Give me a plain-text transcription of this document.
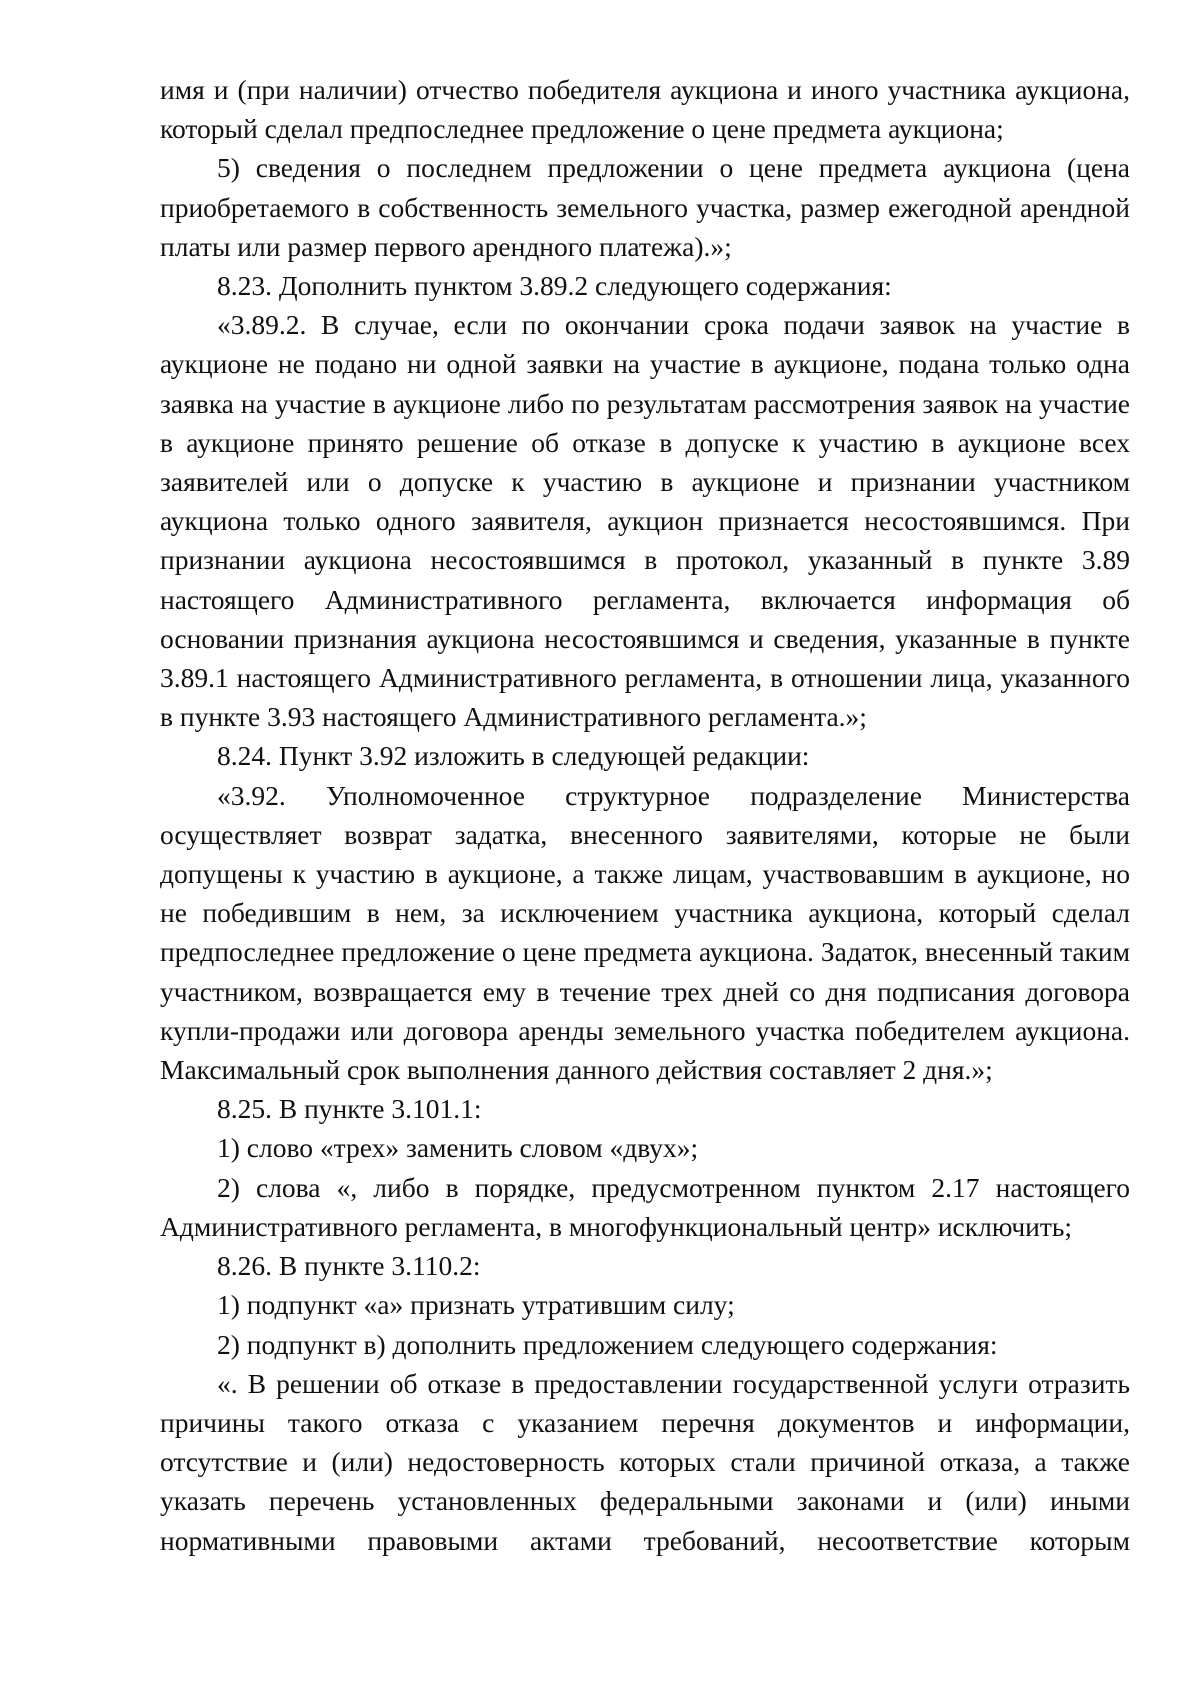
имя и (при наличии) отчество победителя аукциона и иного участника аукциона, который сделал предпоследнее предложение о цене предмета аукциона;

5) сведения о последнем предложении о цене предмета аукциона (цена приобретаемого в собственность земельного участка, размер ежегодной арендной платы или размер первого арендного платежа).»;

8.23. Дополнить пунктом 3.89.2 следующего содержания:

«3.89.2. В случае, если по окончании срока подачи заявок на участие в аукционе не подано ни одной заявки на участие в аукционе, подана только одна заявка на участие в аукционе либо по результатам рассмотрения заявок на участие в аукционе принято решение об отказе в допуске к участию в аукционе всех заявителей или о допуске к участию в аукционе и признании участником аукциона только одного заявителя, аукцион признается несостоявшимся. При признании аукциона несостоявшимся в протокол, указанный в пункте 3.89 настоящего Административного регламента, включается информация об основании признания аукциона несостоявшимся и сведения, указанные в пункте 3.89.1 настоящего Административного регламента, в отношении лица, указанного в пункте 3.93 настоящего Административного регламента.»;

8.24. Пункт 3.92 изложить в следующей редакции:

«3.92. Уполномоченное структурное подразделение Министерства осуществляет возврат задатка, внесенного заявителями, которые не были допущены к участию в аукционе, а также лицам, участвовавшим в аукционе, но не победившим в нем, за исключением участника аукциона, который сделал предпоследнее предложение о цене предмета аукциона. Задаток, внесенный таким участником, возвращается ему в течение трех дней со дня подписания договора купли-продажи или договора аренды земельного участка победителем аукциона. Максимальный срок выполнения данного действия составляет 2 дня.»;

8.25. В пункте 3.101.1:

1) слово «трех» заменить словом «двух»;

2) слова «, либо в порядке, предусмотренном пунктом 2.17 настоящего Административного регламента, в многофункциональный центр» исключить;

8.26. В пункте 3.110.2:

1) подпункт «а» признать утратившим силу;

2) подпункт в) дополнить предложением следующего содержания:

«. В решении об отказе в предоставлении государственной услуги отразить причины такого отказа с указанием перечня документов и информации, отсутствие и (или) недостоверность которых стали причиной отказа, а также указать перечень установленных федеральными законами и (или) иными нормативными правовыми актами требований, несоответствие которым
